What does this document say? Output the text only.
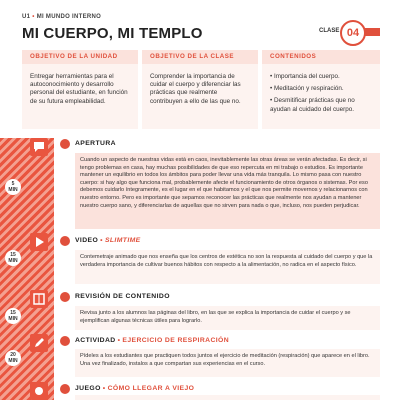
U1 • MI MUNDO INTERNO
MI CUERPO, MI TEMPLO	CLASE 04
OBJETIVO DE LA UNIDAD
Entregar herramientas para el autoconocimiento y desarrollo personal del estudiante, en función de su futura empleabilidad.
OBJETIVO DE LA CLASE
Comprender la importancia de cuidar el cuerpo y diferenciar las prácticas que realmente contribuyen a ello de las que no.
CONTENIDOS
• Importancia del cuerpo.
• Meditación y respiración.
• Desmitificar prácticas que no ayudan al cuidado del cuerpo.
5
MIN
APERTURA
Cuando un aspecto de nuestras vidas está en caos, inevitablemente las otras áreas se verán afectadas. Es decir, si tengo problemas en casa, hay muchas posibilidades de que eso repercuta en mi trabajo o estudios. Es importante mantener un equilibrio en todos los ámbitos para poder llevar una vida más tranquila. Lo mismo pasa con nuestro cuerpo: si hay algo que funciona mal, probablemente afecte el funcionamiento de otros órganos o sistemas. Por eso debemos cuidarlo íntegramente, es el lugar en el que habitamos y el que nos permite movernos y relacionarnos con nuestro entorno. Pero es importante que sepamos reconocer las prácticas que realmente nos ayudan a mantener nuestro cuerpo sano, y diferenciarlas de aquellas que no sirven para nada o que, incluso, nos pueden perjudicar.
15
MIN
VIDEO • SLIMTIME
Contemetraje animado que nos enseña que los centros de estética no son la respuesta al cuidado del cuerpo y que la verdadera importancia de cultivar buenos hábitos con respecto a la alimentación, no radica en el aspecto físico.
15
MIN
REVISIÓN DE CONTENIDO
Revisa junto a los alumnos las páginas del libro, en las que se explica la importancia de cuidar el cuerpo y se ejemplifican algunas técnicas útiles para lograrlo.
20
MIN
ACTIVIDAD • EJERCICIO DE RESPIRACIÓN
Pídeles a los estudiantes que practiquen todos juntos el ejercicio de meditación (respiración) que aparece en el libro. Una vez finalizado, instalos a que compartan sus experiencias en el curso.
JUEGO • CÓMO LLEGAR A VIEJO
